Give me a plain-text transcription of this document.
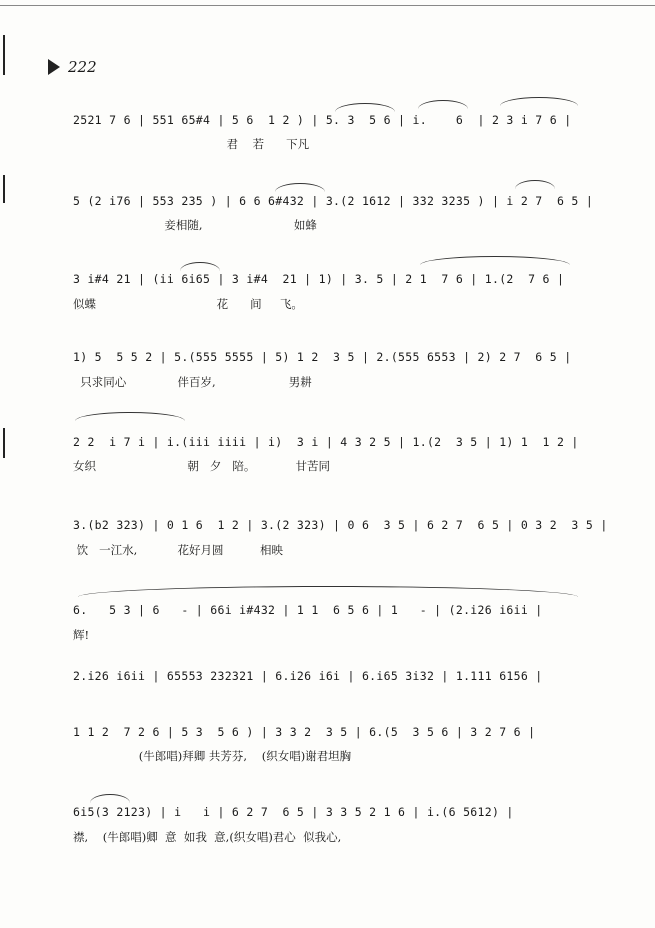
222
2521 7 6 | 551 65#4 | 5 6  1 2 ) | 5. 3  5 6 | i.    6  | 2 3 i 7 6 |
君    若      下凡
5 (2 i76 | 553 235 ) | 6 6 6#432 | 3.(2 1612 | 332 3235 ) | i 2 7  6 5 |
妾相随,                         如蜂
3 i#4 21 | (ii 6i65 | 3 i#4  21 | 1) | 3. 5 | 2 1  7 6 | 1.(2  7 6 |
似蝶                                 花      间     飞。
1) 5  5 5 2 | 5.(555 5555 | 5) 1 2  3 5 | 2.(555 6553 | 2) 2 7  6 5 |
只求同心              伴百岁,                    男耕
2 2  i 7 i | i.(iii iiii | i)  3 i | 4 3 2 5 | 1.(2  3 5 | 1) 1  1 2 |
女织                         朝   夕   陪。           甘苦同
3.(b2 323) | 0 1 6  1 2 | 3.(2 323) | 0 6  3 5 | 6 2 7  6 5 | 0 3 2  3 5 |
饮   一江水,           花好月圆          相映
6.   5 3 | 6   - | 66i i#432 | 1 1  6 5 6 | 1   - | (2.i26 i6ii |
辉!
2.i26 i6ii | 65553 232321 | 6.i26 i6i | 6.i65 3i32 | 1.111 6156 |
1 1 2  7 2 6 | 5 3  5 6 ) | 3 3 2  3 5 | 6.(5  3 5 6 | 3 2 7 6 |
(牛郎唱)拜卿 共芳芬,    (织女唱)谢君坦胸
6i5(3 2123) | i   i | 6 2 7  6 5 | 3 3 5 2 1 6 | i.(6 5612) |
襟,    (牛郎唱)卿  意  如我  意,(织女唱)君心  似我心,
